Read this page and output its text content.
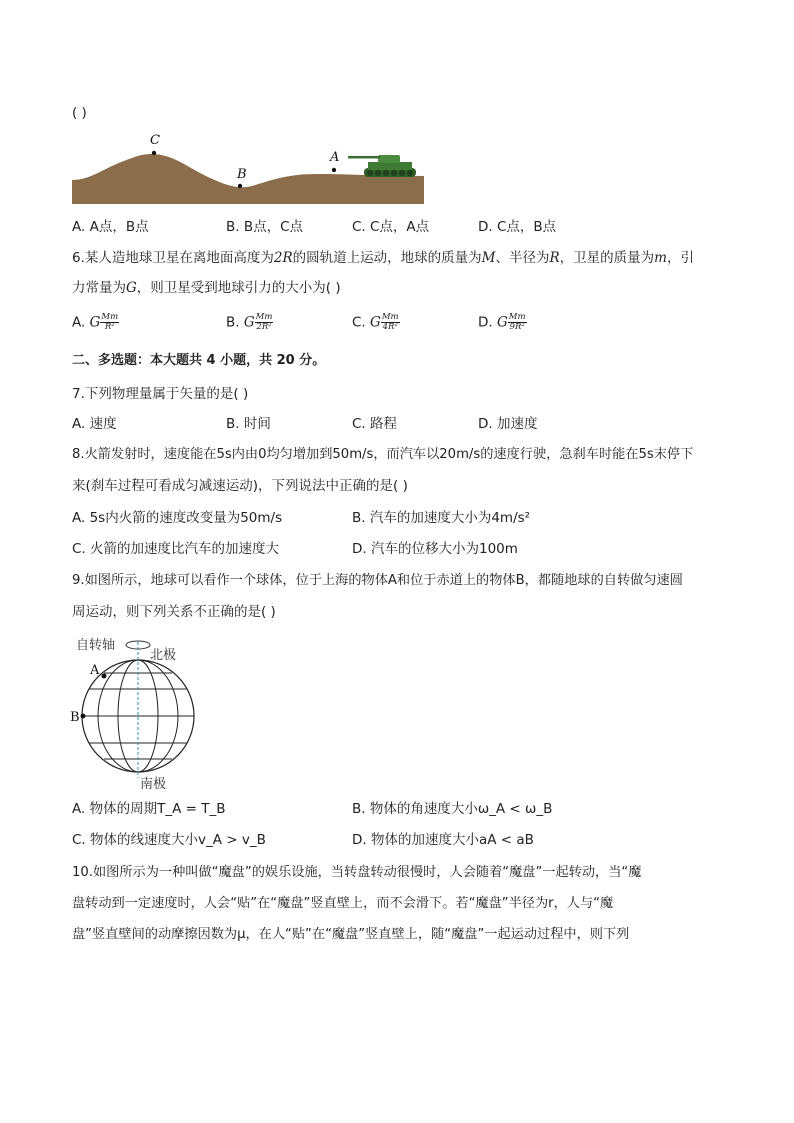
( )
C
B
A
A. A点，B点	B. B点，C点	C. C点，A点	D. C点，B点
6.某人造地球卫星在离地面高度为2R的圆轨道上运动，地球的质量为M、半径为R，卫星的质量为m，引
力常量为G，则卫星受到地球引力的大小为( )
A. G $\frac{Mm}{\text{R²}}$	B. G $\frac{Mm}{\text{2R²}}$	C. G $\frac{Mm}{\text{4R²}}$	D. G $\frac{Mm}{\text{9R²}}$
二、多选题：本大题共 4 小题，共 20 分。
7.下列物理量属于矢量的是( )
A. 速度	B. 时间	C. 路程	D. 加速度
8.火箭发射时，速度能在5s内由0均匀增加到50m/s，而汽车以20m/s的速度行驶，急刹车时能在5s末停下
来(刹车过程可看成匀减速运动)，下列说法中正确的是( )
A. 5s内火箭的速度改变量为50m/s	B. 汽车的加速度大小为4m/s²
C. 火箭的加速度比汽车的加速度大	D. 汽车的位移大小为100m
9.如图所示，地球可以看作一个球体，位于上海的物体A和位于赤道上的物体B，都随地球的自转做匀速圆
周运动，则下列关系不正确的是( )
自转轴
北极
A
B
南极
A. 物体的周期T_A = T_B	B. 物体的角速度大小ω_A < ω_B
C. 物体的线速度大小v_A > v_B	D. 物体的加速度大小aA < aB
10.如图所示为一种叫做“魔盘”的娱乐设施，当转盘转动很慢时，人会随着“魔盘”一起转动，当“魔
盘转动到一定速度时，人会“贴”在“魔盘”竖直壁上，而不会滑下。若“魔盘”半径为r，人与“魔
盘”竖直壁间的动摩擦因数为μ，在人“贴”在“魔盘”竖直壁上，随“魔盘”一起运动过程中，则下列
